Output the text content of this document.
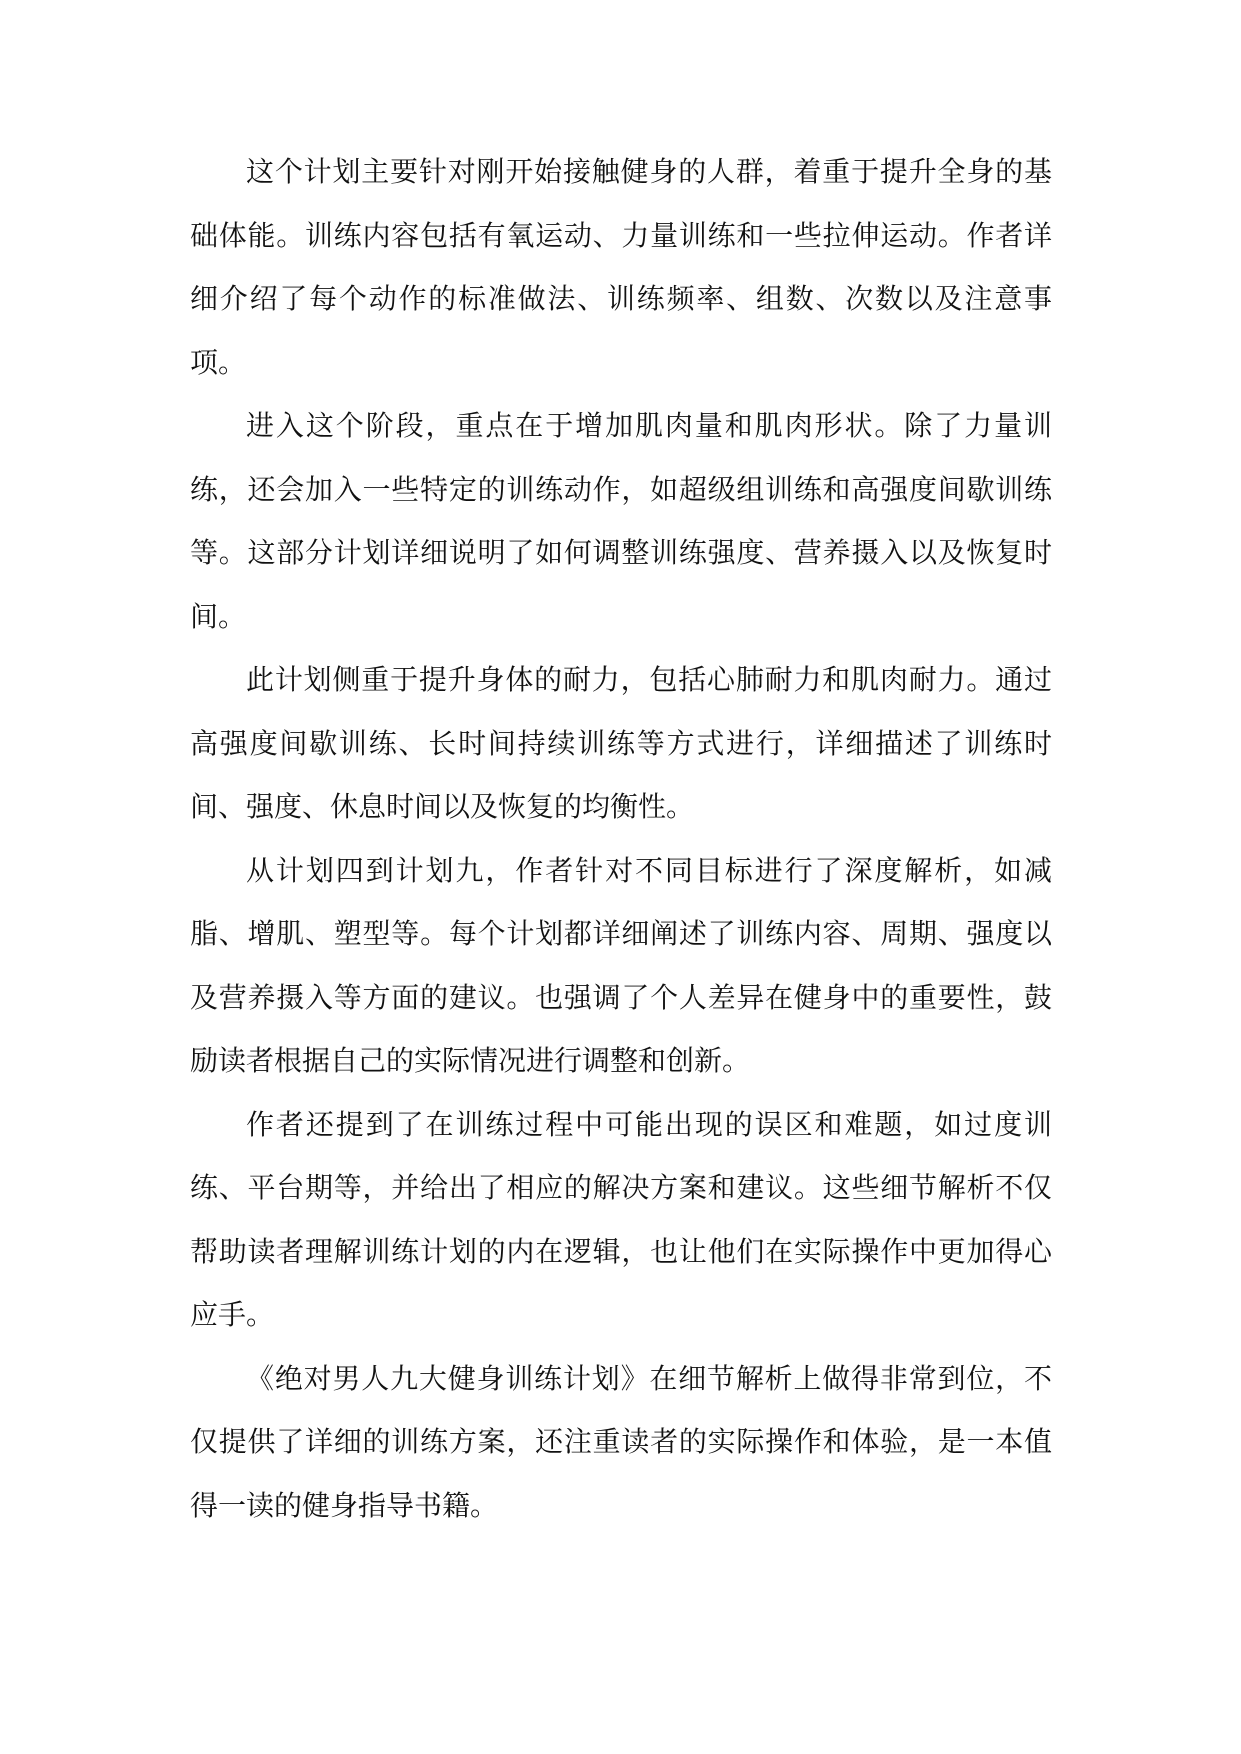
这个计划主要针对刚开始接触健身的人群，着重于提升全身的基础体能。训练内容包括有氧运动、力量训练和一些拉伸运动。作者详细介绍了每个动作的标准做法、训练频率、组数、次数以及注意事项。

进入这个阶段，重点在于增加肌肉量和肌肉形状。除了力量训练，还会加入一些特定的训练动作，如超级组训练和高强度间歇训练等。这部分计划详细说明了如何调整训练强度、营养摄入以及恢复时间。

此计划侧重于提升身体的耐力，包括心肺耐力和肌肉耐力。通过高强度间歇训练、长时间持续训练等方式进行，详细描述了训练时间、强度、休息时间以及恢复的均衡性。

从计划四到计划九，作者针对不同目标进行了深度解析，如减脂、增肌、塑型等。每个计划都详细阐述了训练内容、周期、强度以及营养摄入等方面的建议。也强调了个人差异在健身中的重要性，鼓励读者根据自己的实际情况进行调整和创新。

作者还提到了在训练过程中可能出现的误区和难题，如过度训练、平台期等，并给出了相应的解决方案和建议。这些细节解析不仅帮助读者理解训练计划的内在逻辑，也让他们在实际操作中更加得心应手。

《绝对男人九大健身训练计划》在细节解析上做得非常到位，不仅提供了详细的训练方案，还注重读者的实际操作和体验，是一本值得一读的健身指导书籍。
